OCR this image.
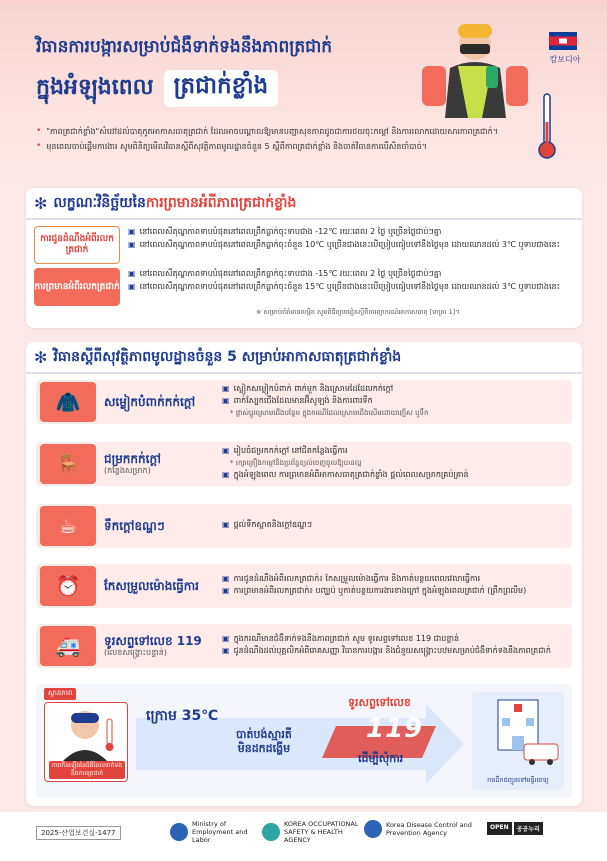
វិធានការបង្ការសម្រាប់ជំងឺទាក់ទងនឹងភាពត្រជាក់
ក្នុងអំឡុងពេល ត្រជាក់ខ្លាំង
캄보디아
• "ភាពត្រជាក់ខ្លាំង"សំដៅដល់បាតុភូតអាកាសធាតុត្រជាក់ ដែលអាចបណ្ដាលឱ្យមានបញ្ហាសុខភាពដូចជាការថយចុះកម្ដៅ និងការរលាកដោយសារភាពត្រជាក់។
• មុនពេលចាប់ផ្ដើមការងារ សូមពិនិត្យមើលវិធានស្ដីពីសុវត្ថិភាពមូលដ្ឋានចំនួន 5 ស្ដីពីភាពត្រជាក់ខ្លាំង និងចាត់វិធានការបើសិនចាំបាច់។
✻ លក្ខណៈវិនិច្ឆ័យនៃការព្រមានអំពីភាពត្រជាក់ខ្លាំង
ការជូនដំណឹងអំពីរលកត្រជាក់
▣ នៅពេលសីតុណ្ហភាពទាបបំផុតនៅពេលព្រឹកធ្លាក់ចុះទាបជាង -12℃ រយៈពេល 2 ថ្ងៃ ឬច្រើនថ្ងៃជាប់ៗគ្នា
▣ នៅពេលសីតុណ្ហភាពទាបបំផុតនៅពេលព្រឹកធ្លាក់ចុះចំនួន 10℃ ឬច្រើនជាងនេះបើប្រៀបធៀបទៅនឹងថ្ងៃមុន ដោយឈានដល់ 3℃ ឬទាបជាងនេះ
ការព្រមានអំពីរលកត្រជាក់
▣ នៅពេលសីតុណ្ហភាពទាបបំផុតនៅពេលព្រឹកធ្លាក់ចុះទាបជាង -15℃ រយៈពេល 2 ថ្ងៃ ឬច្រើនថ្ងៃជាប់ៗគ្នា
▣ នៅពេលសីតុណ្ហភាពទាបបំផុតនៅពេលព្រឹកធ្លាក់ចុះចំនួន 15℃ ឬច្រើនជាងនេះបើប្រៀបធៀបទៅនឹងថ្ងៃមុន ដោយឈានដល់ 3℃ ឬទាបជាងនេះ
※ សម្រាប់ព័ត៌មានលម្អិត សូមពិនិត្យមេរៀនស្ដីពីការព្យាករណ៍អាកាសធាតុ [មាត្រា 1]។
✻ វិធានស្ដីពីសុវត្ថិភាពមូលដ្ឋានចំនួន 5 សម្រាប់អាកាសធាតុត្រជាក់ខ្លាំង
🧥	សម្លៀកបំពាក់កក់ក្ដៅ
▣ ស្លៀកសម្លៀកបំពាក់ ពាក់មួក និងស្រោមដៃដែលកក់ក្ដៅ
▣ ពាក់ស្បែកជើងដែលមានអ៊ីសូឡង់ និងការពារទឹក
* ផ្លាស់ប្ដូរស្រោមជើងបន្ថែម ក្នុងករណីដែលស្រោមជើងសើមដោយញើស ឬទឹក
🪑	ជម្រកកក់ក្ដៅ
(កន្លែងសម្រាក)
▣ រៀបចំជម្រកកក់ក្ដៅ នៅជិតកន្លែងធ្វើការ
* រក្សាគ្រឿងកម្ដៅនិងប្រព័ន្ធខ្យល់ចេញចូលឱ្យបានល្អ
▣ ក្នុងអំឡុងពេល ការព្រមានអំពីអាកាសធាតុត្រជាក់ខ្លាំង ផ្ដល់ពេលសម្រាកគ្រប់គ្រាន់
☕	ទឹកក្ដៅឧណ្ហៗ	▣ ផ្ដល់ទឹកស្អាតនិងក្ដៅឧណ្ហៗ
⏰	កែសម្រួលម៉ោងធ្វើការ
▣ ការជូនដំណឹងអំពីរលកត្រជាក់៖ កែសម្រួលម៉ោងធ្វើការ និងកាត់បន្ថយពេលវេលាធ្វើការ
▣ ការព្រមានអំពីរលកត្រជាក់៖ បញ្ឈប់ ឬកាត់បន្ថយការងារខាងក្រៅ ក្នុងអំឡុងពេលត្រជាក់ (ព្រឹកព្រលឹម)
🚑	ទូរសព្ទទៅលេខ 119
(លេខសង្គ្រោះបន្ទាន់)
▣ ក្នុងករណីមានជំងឺទាក់ទងនឹងភាពត្រជាក់ សូម ទូរសព្ទទៅលេខ 119 ជាបន្ទាន់
▣ ជូនដំណឹងដល់បុគ្គលិកអំពីរោគសញ្ញា វិធានការបង្ការ និងជំនួយសង្គ្រោះបឋមសម្រាប់ជំងឺទាក់ទងនឹងភាពត្រជាក់
ស្ថានភាព
ការកើនឡើងនៃជំងឺដែលទាក់ទងនឹងភាពត្រជាក់
ក្រោម 35℃
បាត់បង់ស្មារតី
មិនដកដង្ហើម
ទូរសព្ទទៅលេខ
119
ដើម្បីសុំការ
ការដឹកជញ្ជូនទៅមន្ទីរពេទ្យ
2025-산업보건실-1477
Ministry of Employment and Labor
KOREA OCCUPATIONAL SAFETY & HEALTH AGENCY
Korea Disease Control and Prevention Agency
OPEN	공공누리
